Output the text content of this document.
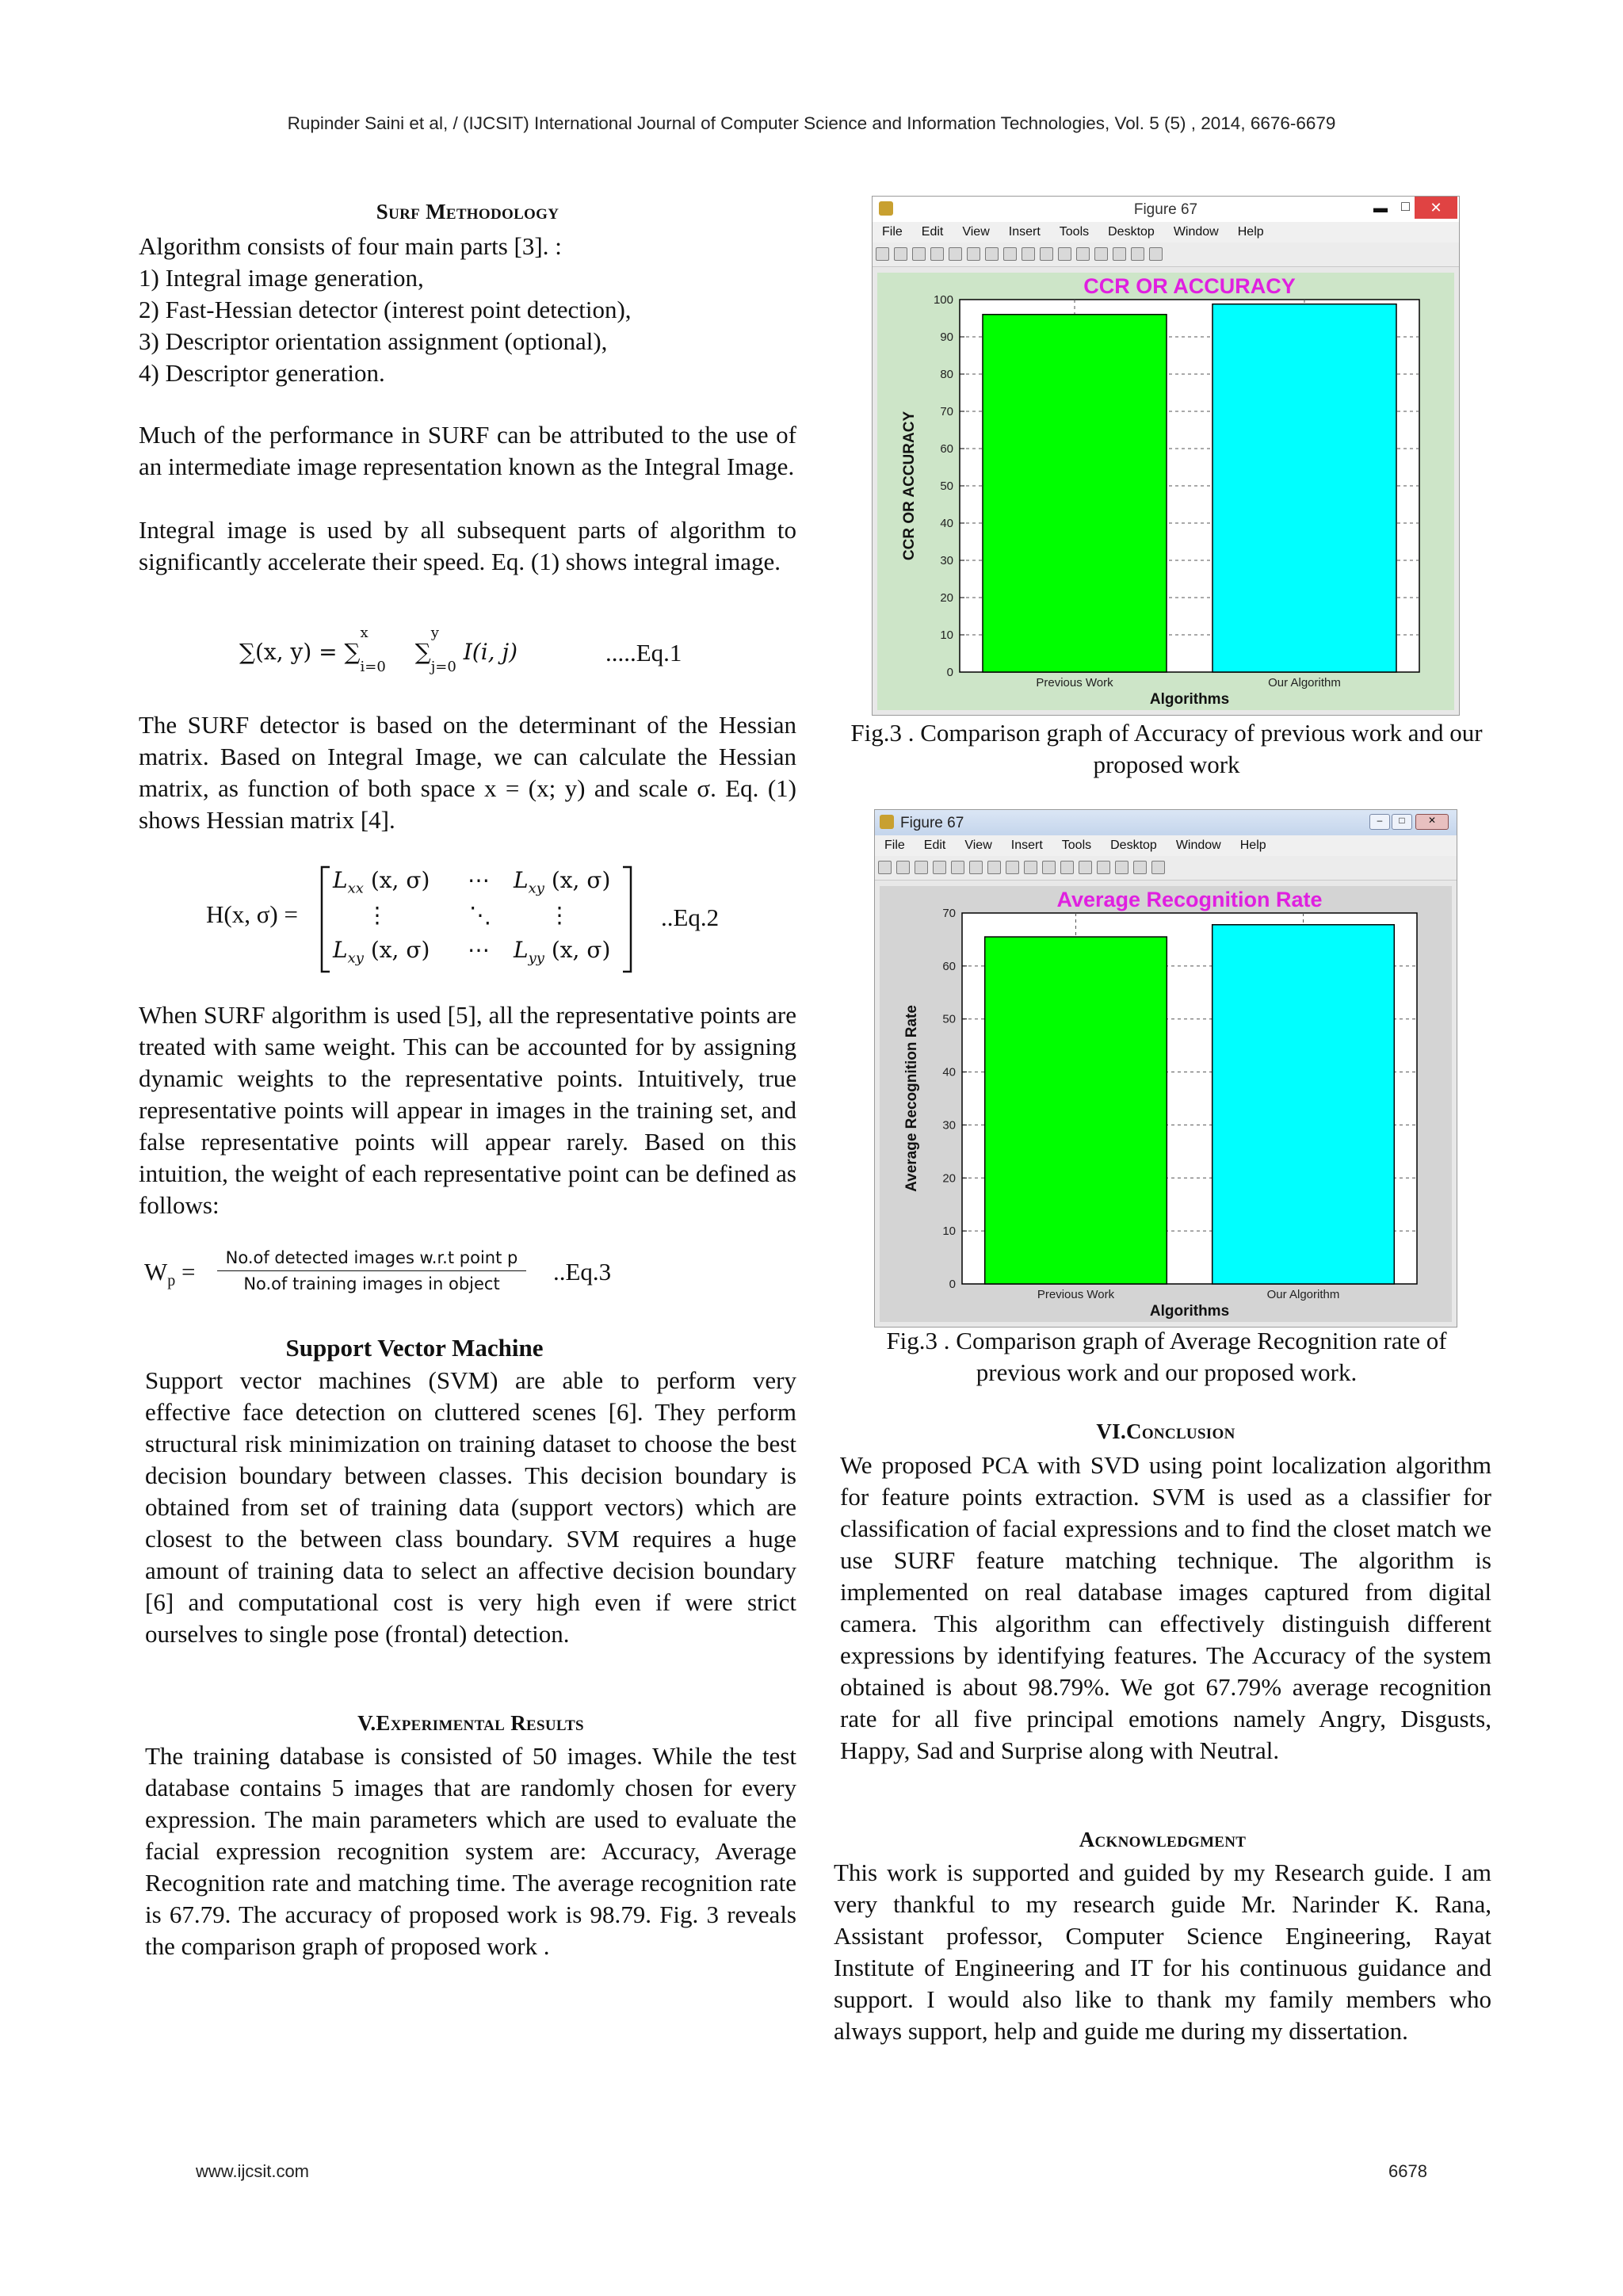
Rupinder Saini et al, / (IJCSIT) International Journal of Computer Science and Information Technologies, Vol. 5 (5) , 2014, 6676-6679
Surf Methodology

Algorithm consists of four main parts [3]. :

1) Integral image generation,

2) Fast-Hessian detector (interest point detection),

3) Descriptor orientation assignment (optional),

4) Descriptor generation.

Much of the performance in SURF can be attributed to the use of an intermediate image representation known as the Integral Image.
Integral image is used by all subsequent parts of algorithm to significantly accelerate their speed. Eq. (1) shows integral image.
∑(x, y) = ∑
x
$_{i=0}$ ∑
y
$_{j=0}$ I(i, j)	.....Eq.1
The SURF detector is based on the determinant of the Hessian matrix. Based on Integral Image, we can calculate the Hessian matrix, as function of both space x = (x; y) and scale σ. Eq. (1) shows Hessian matrix [4].
H(x, σ) =
$L_{xx}$ (x, σ) ⋯ $L_{xy}$ (x, σ)
⋮	⋱	⋮
$L_{xy}$ (x, σ) ⋯ $L_{yy}$ (x, σ)
..Eq.2
When SURF algorithm is used [5], all the representative points are treated with same weight. This can be accounted for by assigning dynamic weights to the representative points. Intuitively, true representative points will appear in images in the training set, and false representative points will appear rarely. Based on this intuition, the weight of each representative point can be defined as follows:
$W_p$ =	No.of detected images w.r.t point p
No.of training images in object	..Eq.3
Support Vector Machine
Support vector machines (SVM) are able to perform very effective face detection on cluttered scenes [6]. They perform structural risk minimization on training dataset to choose the best decision boundary between classes. This decision boundary is obtained from set of training data (support vectors) which are closest to the between class boundary. SVM requires a huge amount of training data to select an affective decision boundary [6] and computational cost is very high even if were strict ourselves to single pose (frontal) detection.
V.Experimental Results
The training database is consisted of 50 images. While the test database contains 5 images that are randomly chosen for every expression. The main parameters which are used to evaluate the facial expression recognition system are: Accuracy, Average Recognition rate and matching time. The average recognition rate is 67.79. The accuracy of proposed work is 98.79. Fig. 3 reveals the comparison graph of proposed work .
Figure 67	▬ □	✕
File Edit View Insert Tools Desktop Window Help
0
10
20
30
40
50
60
70
80
90
100
Previous Work	Our Algorithm
CCR OR ACCURACY
Algorithms
CCR OR ACCURACY
Fig.3 . Comparison graph of Accuracy of previous work and our proposed work
Figure 67	–	□	✕
File Edit View Insert Tools Desktop Window Help
0
10
20
30
40
50
60
70
Previous Work	Our Algorithm
Average Recognition Rate
Algorithms
Average Recognition Rate
Fig.3 . Comparison graph of Average Recognition rate of previous work and our proposed work.
VI.Conclusion
We proposed PCA with SVD using point localization algorithm for feature points extraction. SVM is used as a classifier for classification of facial expressions and to find the closet match we use SURF feature matching technique. The algorithm is implemented on real database images captured from digital camera. This algorithm can effectively distinguish different expressions by identifying features. The Accuracy of the system obtained is about 98.79%. We got 67.79% average recognition rate for all five principal emotions namely Angry, Disgusts, Happy, Sad and Surprise along with Neutral.
Acknowledgment
This work is supported and guided by my Research guide. I am very thankful to my research guide Mr. Narinder K. Rana, Assistant professor, Computer Science Engineering, Rayat Institute of Engineering and IT for his continuous guidance and support. I would also like to thank my family members who always support, help and guide me during my dissertation.
www.ijcsit.com	6678
